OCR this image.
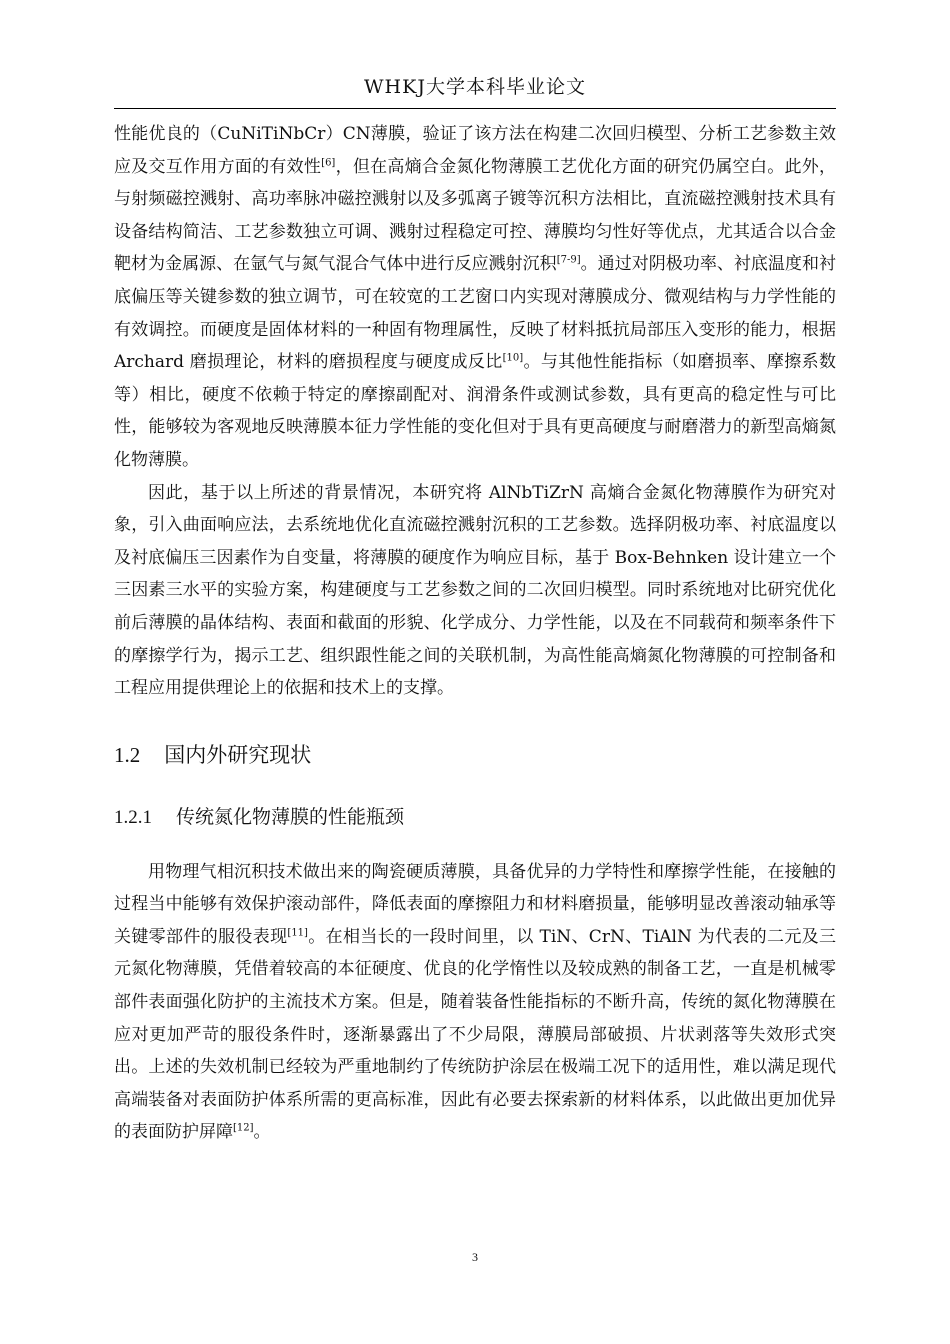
WHKJ大学本科毕业论文

性能优良的（CuNiTiNbCr）CN薄膜，验证了该方法在构建二次回归模型、分析工艺参数主效应及交互作用方面的有效性[6]，但在高熵合金氮化物薄膜工艺优化方面的研究仍属空白。此外，与射频磁控溅射、高功率脉冲磁控溅射以及多弧离子镀等沉积方法相比，直流磁控溅射技术具有设备结构简洁、工艺参数独立可调、溅射过程稳定可控、薄膜均匀性好等优点，尤其适合以合金靶材为金属源、在氩气与氮气混合气体中进行反应溅射沉积[7-9]。通过对阴极功率、衬底温度和衬底偏压等关键参数的独立调节，可在较宽的工艺窗口内实现对薄膜成分、微观结构与力学性能的有效调控。而硬度是固体材料的一种固有物理属性，反映了材料抵抗局部压入变形的能力，根据 Archard 磨损理论，材料的磨损程度与硬度成反比[10]。与其他性能指标（如磨损率、摩擦系数等）相比，硬度不依赖于特定的摩擦副配对、润滑条件或测试参数，具有更高的稳定性与可比性，能够较为客观地反映薄膜本征力学性能的变化但对于具有更高硬度与耐磨潜力的新型高熵氮化物薄膜。

因此，基于以上所述的背景情况，本研究将 AlNbTiZrN 高熵合金氮化物薄膜作为研究对象，引入曲面响应法，去系统地优化直流磁控溅射沉积的工艺参数。选择阴极功率、衬底温度以及衬底偏压三因素作为自变量，将薄膜的硬度作为响应目标，基于 Box-Behnken 设计建立一个三因素三水平的实验方案，构建硬度与工艺参数之间的二次回归模型。同时系统地对比研究优化前后薄膜的晶体结构、表面和截面的形貌、化学成分、力学性能，以及在不同载荷和频率条件下的摩擦学行为，揭示工艺、组织跟性能之间的关联机制，为高性能高熵氮化物薄膜的可控制备和工程应用提供理论上的依据和技术上的支撑。

1.2 国内外研究现状
1.2.1 传统氮化物薄膜的性能瓶颈

用物理气相沉积技术做出来的陶瓷硬质薄膜，具备优异的力学特性和摩擦学性能，在接触的过程当中能够有效保护滚动部件，降低表面的摩擦阻力和材料磨损量，能够明显改善滚动轴承等关键零部件的服役表现[11]。在相当长的一段时间里，以 TiN、CrN、TiAlN 为代表的二元及三元氮化物薄膜，凭借着较高的本征硬度、优良的化学惰性以及较成熟的制备工艺，一直是机械零部件表面强化防护的主流技术方案。但是，随着装备性能指标的不断升高，传统的氮化物薄膜在应对更加严苛的服役条件时，逐渐暴露出了不少局限，薄膜局部破损、片状剥落等失效形式突出。上述的失效机制已经较为严重地制约了传统防护涂层在极端工况下的适用性，难以满足现代高端装备对表面防护体系所需的更高标准，因此有必要去探索新的材料体系，以此做出更加优异的表面防护屏障[12]。

3
